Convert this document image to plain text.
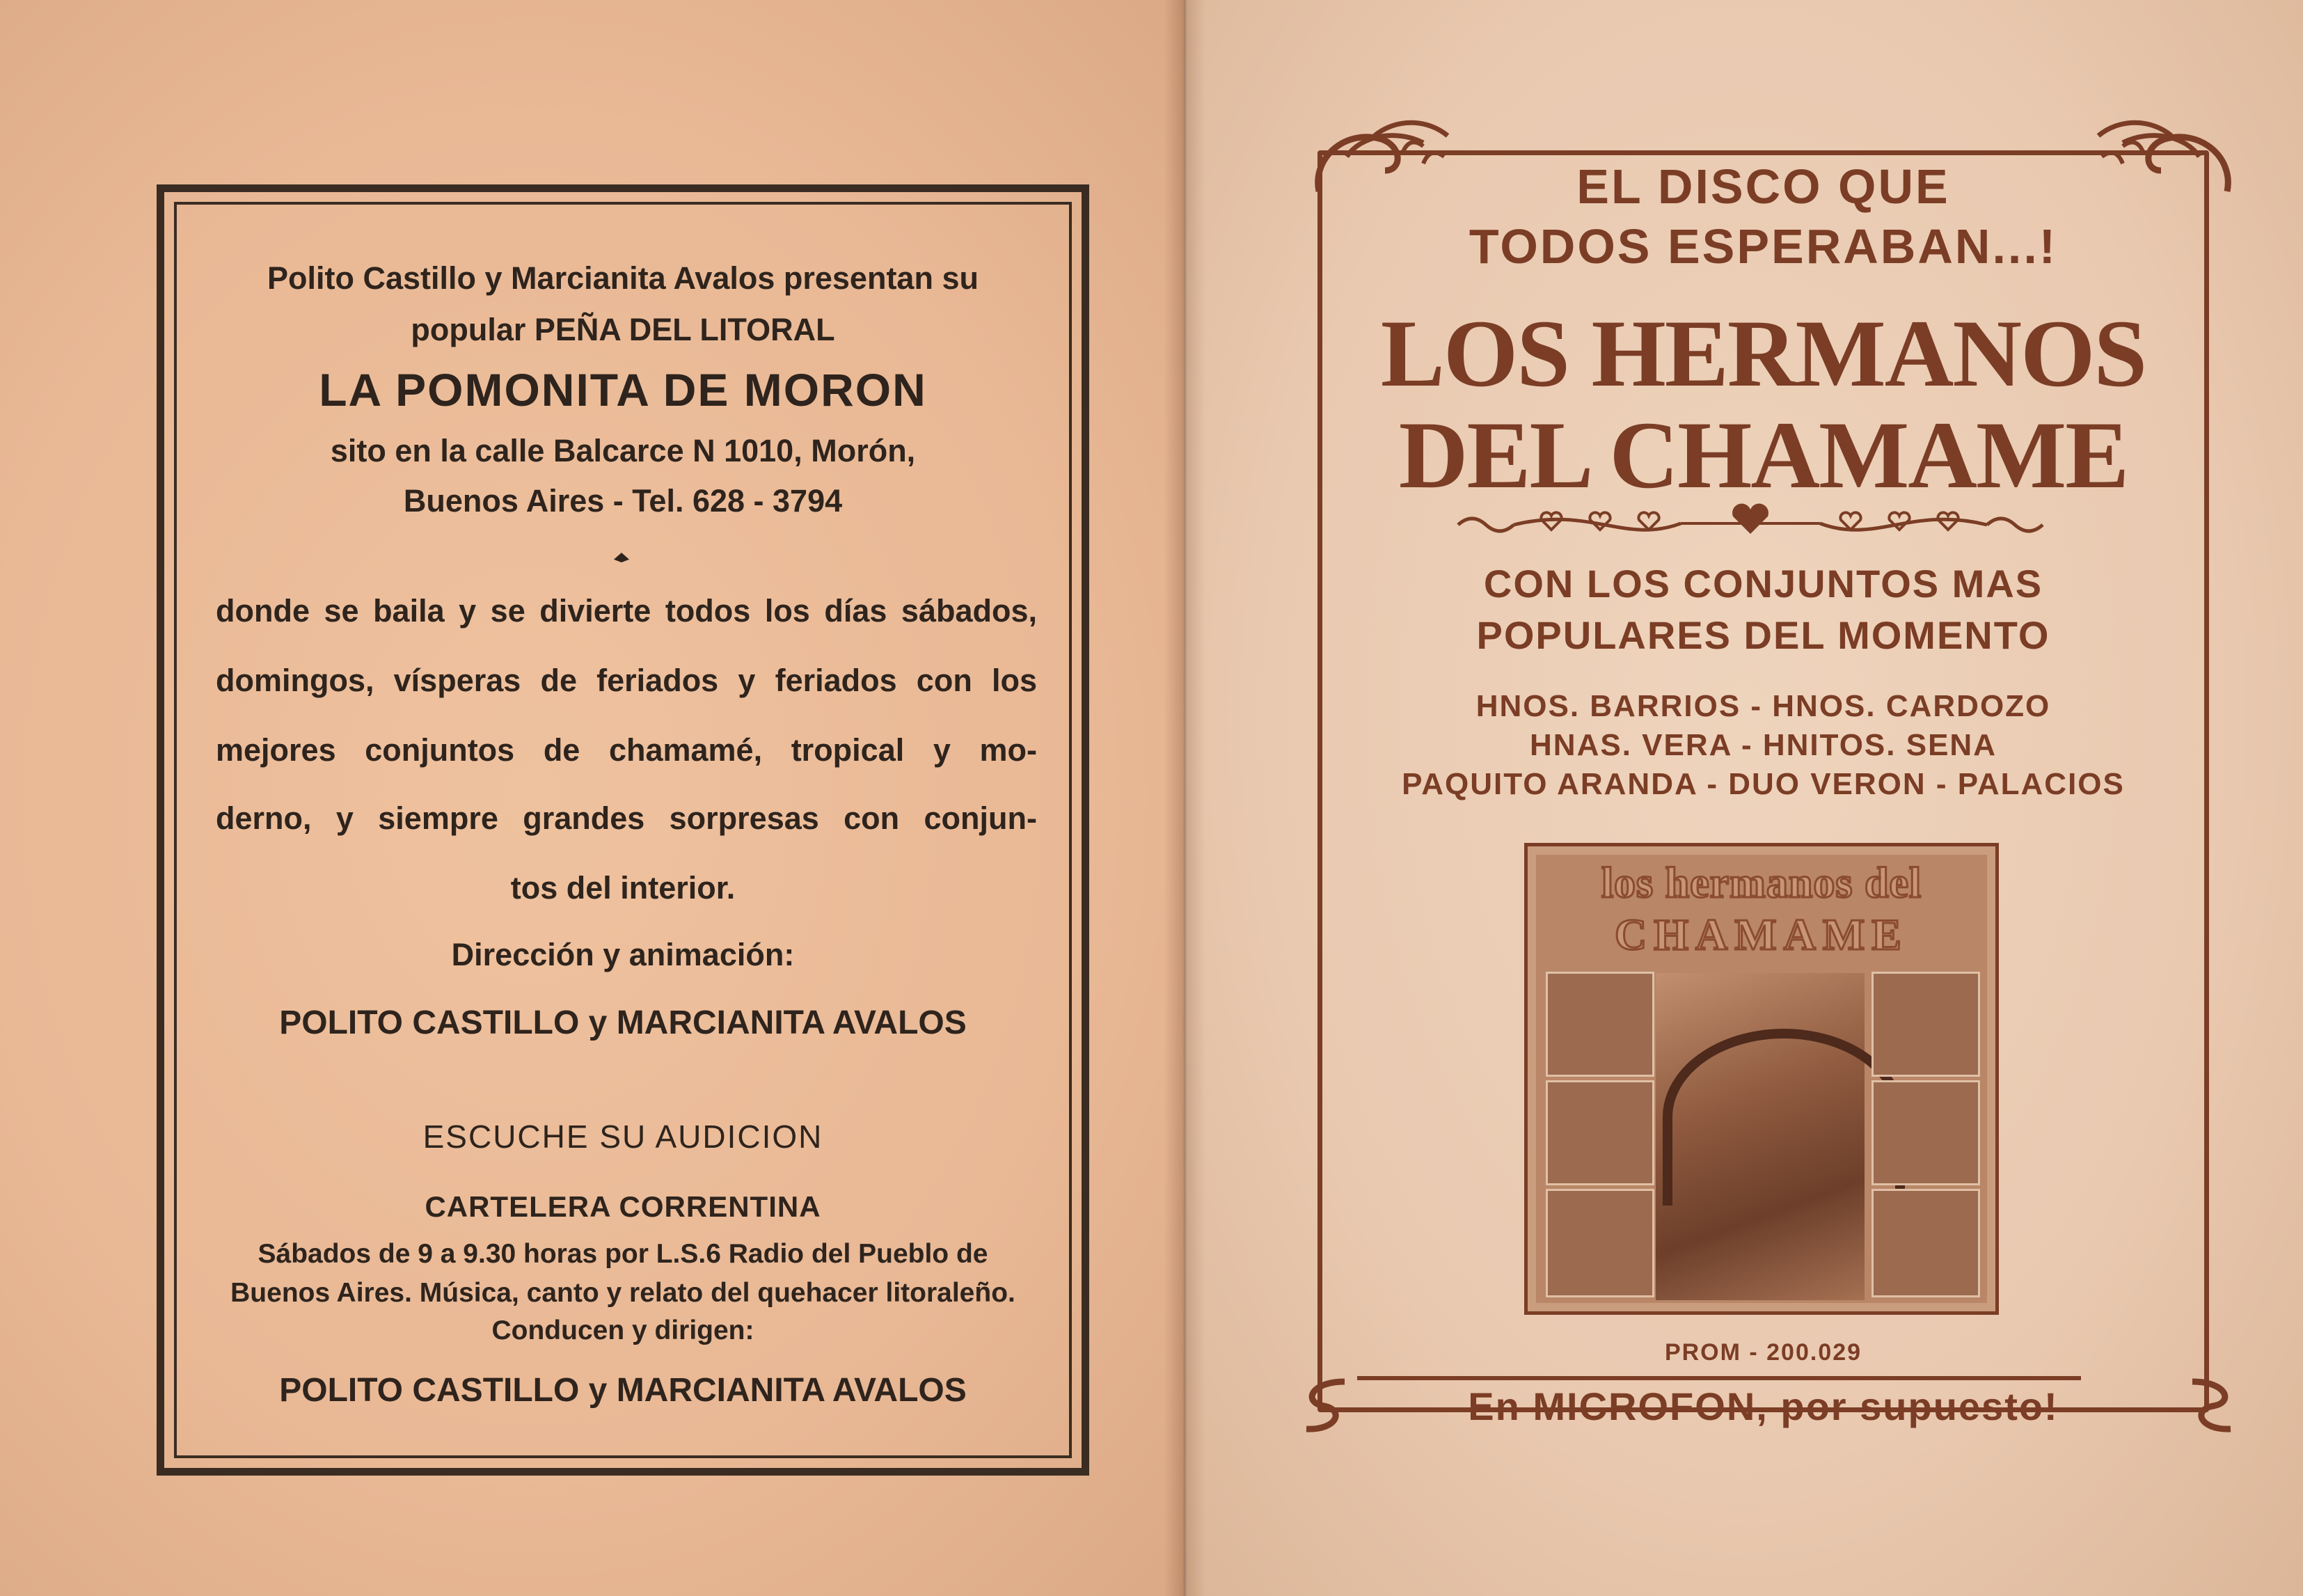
Polito Castillo y Marcianita Avalos presentan su

popular PEÑA DEL LITORAL

LA POMONITA DE MORON

sito en la calle Balcarce N 1010, Morón,

Buenos Aires - Tel. 628 - 3794

donde se baila y se divierte todos los días sábados,

domingos, vísperas de feriados y feriados con los

mejores conjuntos de chamamé, tropical y mo-

derno, y siempre grandes sorpresas con conjun-

tos del interior.

Dirección y animación:

POLITO CASTILLO y MARCIANITA AVALOS

ESCUCHE SU AUDICION

CARTELERA CORRENTINA

Sábados de 9 a 9.30 horas por L.S.6 Radio del Pueblo de

Buenos Aires. Música, canto y relato del quehacer litoraleño.

Conducen y dirigen:

POLITO CASTILLO y MARCIANITA AVALOS

EL DISCO QUE

TODOS ESPERABAN...!

LOS HERMANOS

DEL CHAMAME

CON LOS CONJUNTOS MAS

POPULARES DEL MOMENTO

HNOS. BARRIOS - HNOS. CARDOZO

HNAS. VERA - HNITOS. SENA

PAQUITO ARANDA - DUO VERON - PALACIOS

los hermanos del

CHAMAME

PROM - 200.029

En MICROFON, por supuesto!
